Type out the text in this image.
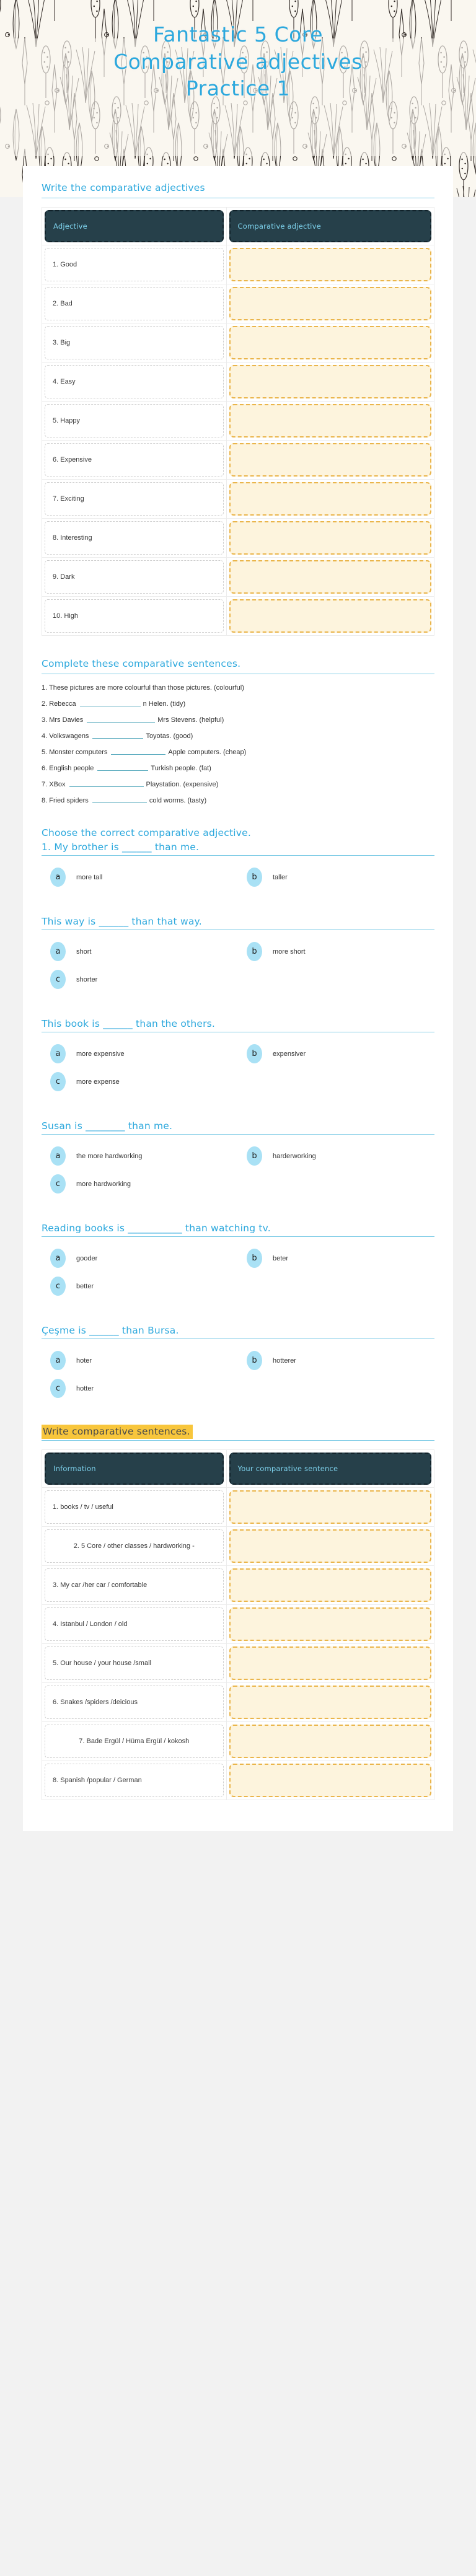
Fantastic 5 Core
Comparative adjectives
Practice 1
Write the comparative adjectives
Adjective	Comparative adjective

1. Good	

2. Bad	

3. Big	

4. Easy	

5. Happy	

6. Expensive	

7. Exciting	

8. Interesting	

9. Dark	

10. High	

Complete these comparative sentences.
1. These pictures are more colourful than those pictures. (colourful)
2. Rebecca	n Helen. (tidy)
3. Mrs Davies	Mrs Stevens. (helpful)
4. Volkswagens	Toyotas. (good)
5. Monster computers	Apple computers. (cheap)
6. English people	Turkish people. (fat)
7. XBox	Playstation. (expensive)
8. Fried spiders	cold worms. (tasty)
Choose the correct comparative adjective.
1. My brother is ______ than me.
a	more tall	b	taller
This way is ______ than that way.
a	short	b	more short
c	shorter
This book is ______ than the others.
a	more expensive	b	expensiver
c	more expense
Susan is ________ than me.
a	the more hardworking	b	harderworking
c	more hardworking
Reading books is ___________ than watching tv.
a	gooder	b	beter
c	better
Çeşme is ______ than Bursa.
a	hoter	b	hotterer
c	hotter
Write comparative sentences.
Information	Your comparative sentence

1. books / tv / useful	

2. 5 Core / other classes / hardworking -	

3. My car /her car / comfortable	

4. Istanbul / London / old	

5. Our house / your house /small	

6. Snakes /spiders /deicious	

7. Bade Ergül / Hüma Ergül / kokosh	

8. Spanish /popular / German	
